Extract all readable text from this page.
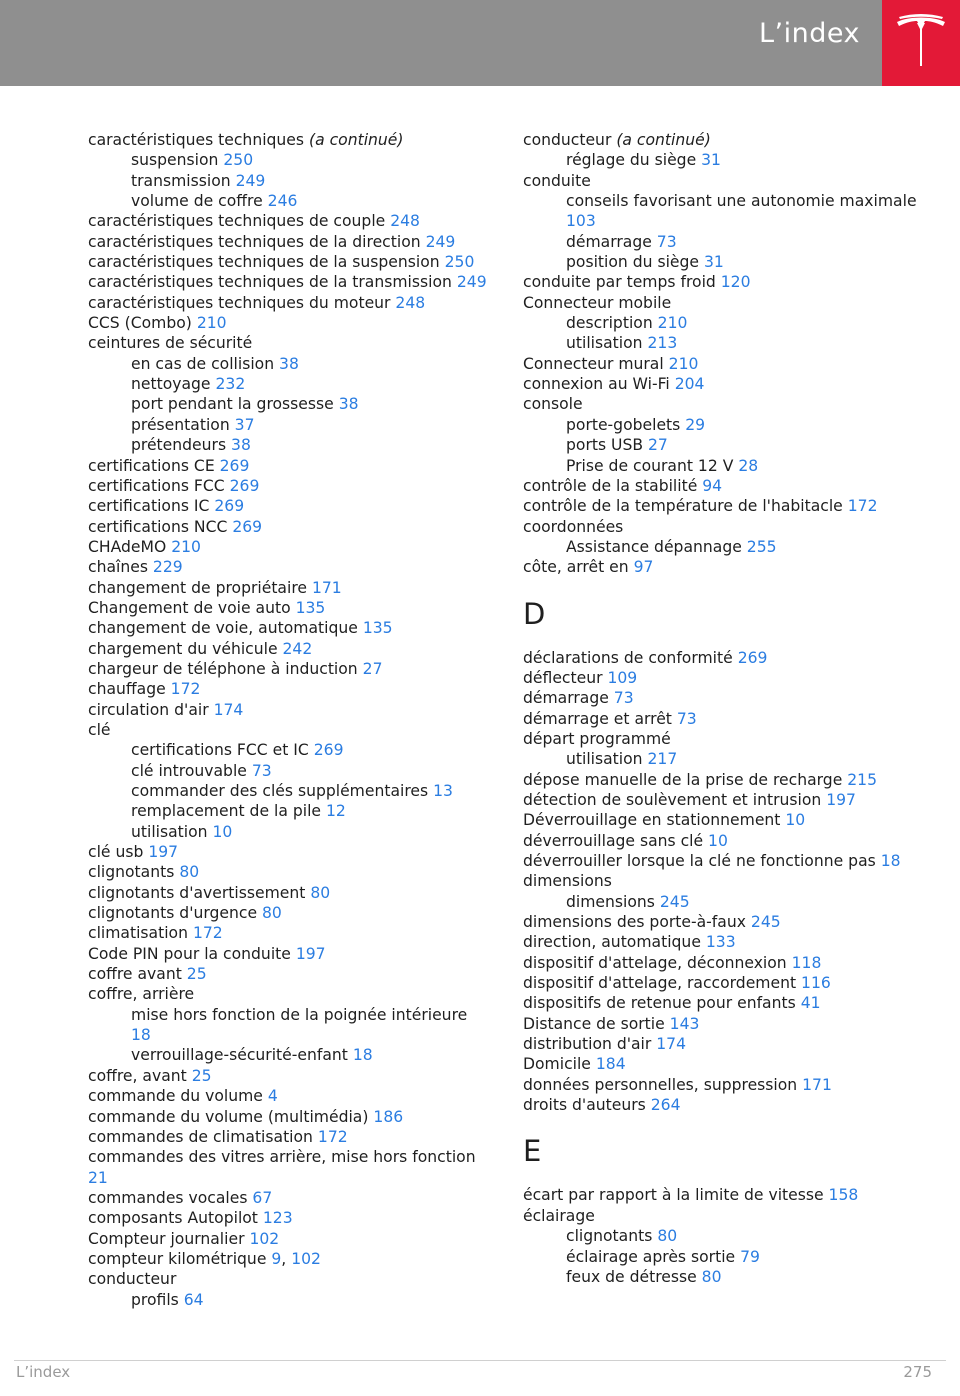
L’index
caractéristiques techniques (a continué)
suspension 250
transmission 249
volume de coffre 246
caractéristiques techniques de couple 248
caractéristiques techniques de la direction 249
caractéristiques techniques de la suspension 250
caractéristiques techniques de la transmission 249
caractéristiques techniques du moteur 248
CCS (Combo) 210
ceintures de sécurité
en cas de collision 38
nettoyage 232
port pendant la grossesse 38
présentation 37
prétendeurs 38
certifications CE 269
certifications FCC 269
certifications IC 269
certifications NCC 269
CHAdeMO 210
chaînes 229
changement de propriétaire 171
Changement de voie auto 135
changement de voie, automatique 135
chargement du véhicule 242
chargeur de téléphone à induction 27
chauffage 172
circulation d'air 174
clé
certifications FCC et IC 269
clé introuvable 73
commander des clés supplémentaires 13
remplacement de la pile 12
utilisation 10
clé usb 197
clignotants 80
clignotants d'avertissement 80
clignotants d'urgence 80
climatisation 172
Code PIN pour la conduite 197
coffre avant 25
coffre, arrière
mise hors fonction de la poignée intérieure 18
verrouillage-sécurité-enfant 18
coffre, avant 25
commande du volume 4
commande du volume (multimédia) 186
commandes de climatisation 172
commandes des vitres arrière, mise hors fonction 21
commandes vocales 67
composants Autopilot 123
Compteur journalier 102
compteur kilométrique 9, 102
conducteur
profils 64
conducteur (a continué)
réglage du siège 31
conduite
conseils favorisant une autonomie maximale 103
démarrage 73
position du siège 31
conduite par temps froid 120
Connecteur mobile
description 210
utilisation 213
Connecteur mural 210
connexion au Wi-Fi 204
console
porte-gobelets 29
ports USB 27
Prise de courant 12 V 28
contrôle de la stabilité 94
contrôle de la température de l'habitacle 172
coordonnées
Assistance dépannage 255
côte, arrêt en 97
D
déclarations de conformité 269
déflecteur 109
démarrage 73
démarrage et arrêt 73
départ programmé
utilisation 217
dépose manuelle de la prise de recharge 215
détection de soulèvement et intrusion 197
Déverrouillage en stationnement 10
déverrouillage sans clé 10
déverrouiller lorsque la clé ne fonctionne pas 18
dimensions
dimensions 245
dimensions des porte-à-faux 245
direction, automatique 133
dispositif d'attelage, déconnexion 118
dispositif d'attelage, raccordement 116
dispositifs de retenue pour enfants 41
Distance de sortie 143
distribution d'air 174
Domicile 184
données personnelles, suppression 171
droits d'auteurs 264
E
écart par rapport à la limite de vitesse 158
éclairage
clignotants 80
éclairage après sortie 79
feux de détresse 80
L’index	275
